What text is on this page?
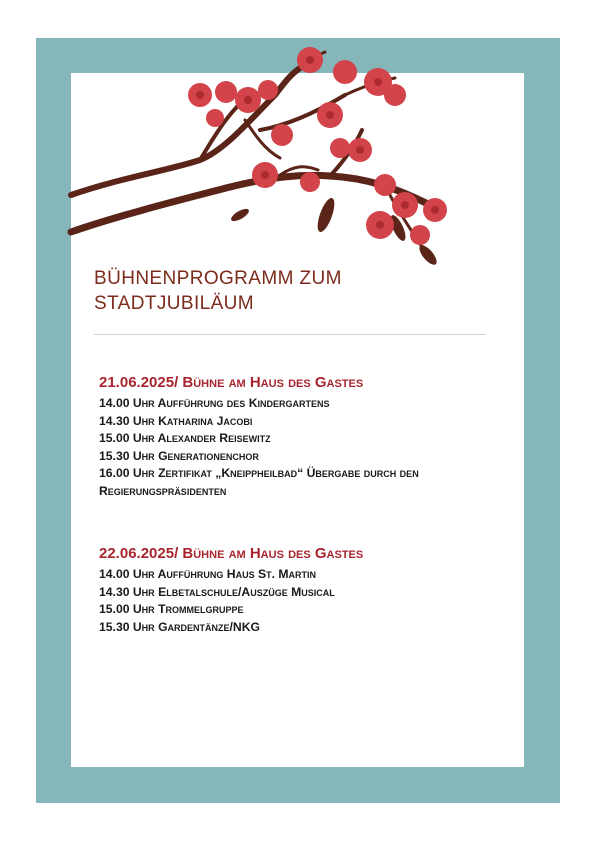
BÜHNENPROGRAMM ZUM
STADTJUBILÄUM
21.06.2025/ Bühne am Haus des Gastes
14.00 Uhr Aufführung des Kindergartens
14.30 Uhr Katharina Jacobi
15.00 Uhr Alexander Reisewitz
15.30 Uhr Generationenchor
16.00 Uhr Zertifikat „Kneippheilbad“ Übergabe durch den
Regierungspräsidenten
22.06.2025/ Bühne am Haus des Gastes
14.00 Uhr Aufführung Haus St. Martin
14.30 Uhr Elbetalschule/Auszüge Musical
15.00 Uhr Trommelgruppe
15.30 Uhr Gardentänze/NKG
